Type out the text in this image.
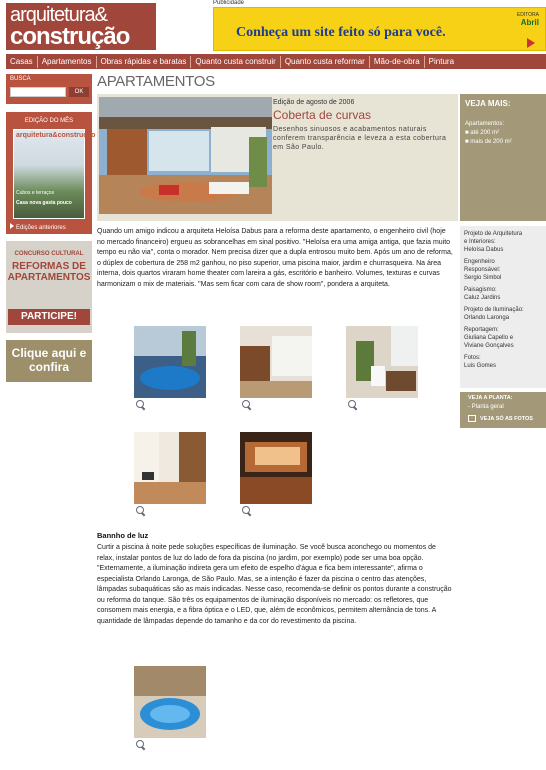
arquitetura&
construção
Publicidade
EDITORA
Abril
Conheça um site feito só para você.
Casas	Apartamentos	Obras rápidas e baratas	Quanto custa construir	Quanto custa reformar	Mão-de-obra	Pintura
BUSCA
OK
EDIÇÃO DO MÊS
arquitetura&construção
Cubos e terraços
Casa nova gasta pouco
Edições anteriores
CONCURSO CULTURAL
REFORMAS DE APARTAMENTOS
PARTICIPE!
Clique aqui e confira
APARTAMENTOS
Edição de agosto de 2006
Coberta de curvas
Desenhos sinuosos e acabamentos naturais conferem transparência e leveza a esta cobertura em São Paulo.
VEJA MAIS:
Apartamentos:
■ até 200 m²
■ mais de 200 m²
Quando um amigo indicou a arquiteta Heloísa Dabus para a reforma deste apartamento, o engenheiro civil (hoje no mercado financeiro) ergueu as sobrancelhas em sinal positivo. "Heloísa era uma amiga antiga, que fazia muito tempo eu não via", conta o morador. Nem precisa dizer que a dupla entrosou muito bem. Após um ano de reforma, o dúplex de cobertura de 258 m2 ganhou, no piso superior, uma piscina maior, jardim e churrasqueira. Na área interna, dois quartos viraram home theater com lareira a gás, escritório e banheiro. Volumes, texturas e curvas harmonizam o mix de materiais. "Mas sem ficar com cara de show room", pondera a arquiteta.
Projeto de Arquitetura
e Interiores:
Heloísa Dabus
Engenheiro
Responsável:
Sergio Simbol
Paisagismo:
Caluz Jardins
Projeto de Iluminação:
Orlando Laronga
Reportagem:
Giuliana Capello e
Viviane Gonçalves
Fotos:
Luis Gomes
VEJA A PLANTA:
- Planta geral
VEJA SÓ AS FOTOS
Bannho de luz
Curtir a piscina à noite pede soluções específicas de iluminação. Se você busca aconchego ou momentos de relax, instalar pontos de luz do lado de fora da piscina (no jardim, por exemplo) pode ser uma boa opção. "Externamente, a iluminação indireta gera um efeito de espelho d'água e fica bem interessante", afirma o especialista Orlando Laronga, de São Paulo. Mas, se a intenção é fazer da piscina o centro das atenções, lâmpadas subaquáticas são as mais indicadas. Nesse caso, recomenda-se definir os pontos durante a construção ou reforma do tanque. São três os equipamentos de iluminação disponíveis no mercado: os refletores, que consomem mais energia, e a fibra óptica e o LED, que, além de econômicos, permitem alternância de tons. A quantidade de lâmpadas depende do tamanho e da cor do revestimento da piscina.
